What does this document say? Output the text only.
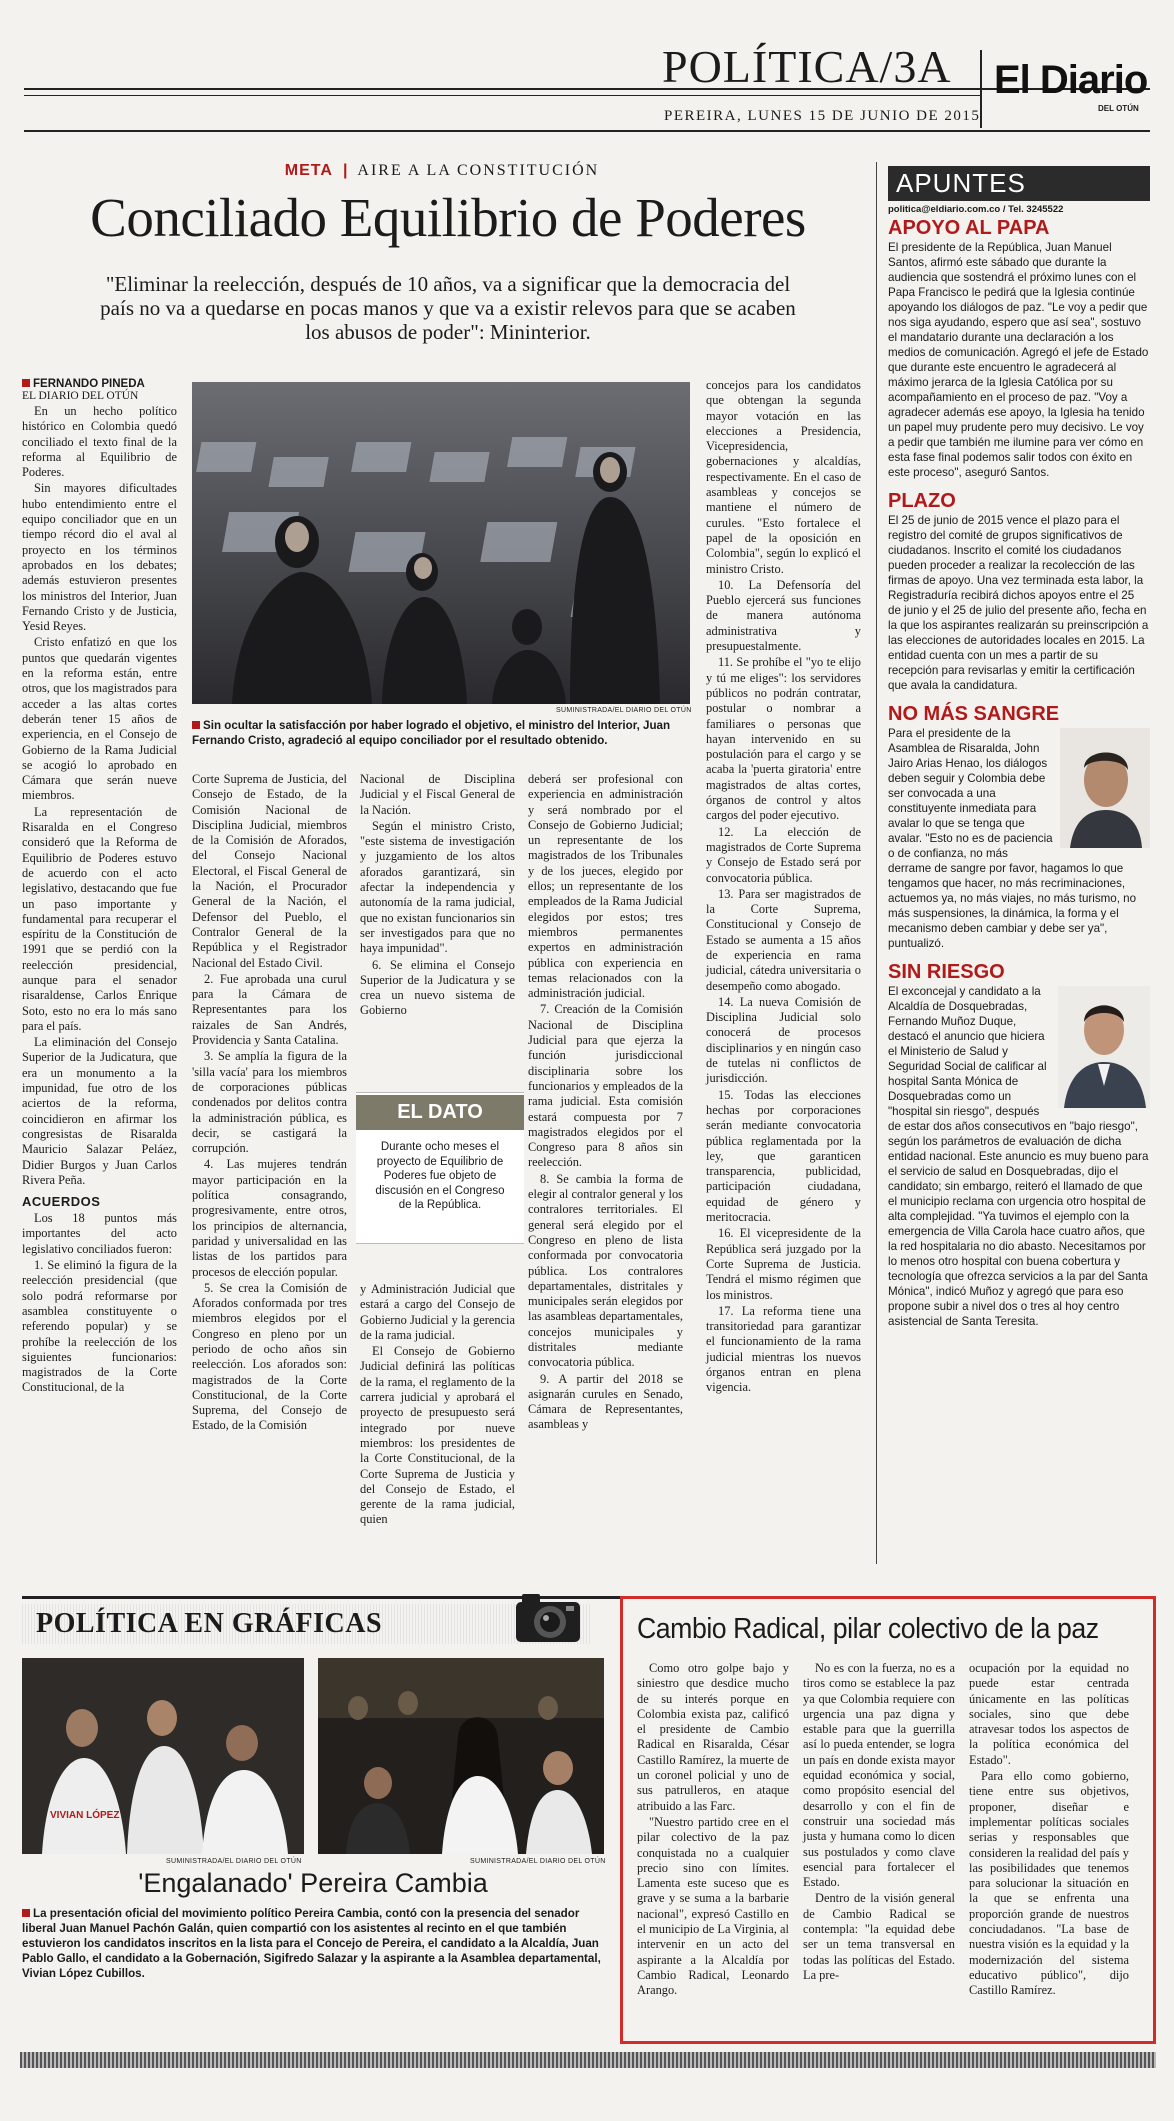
POLÍTICA/3A	El Diario
DEL OTÚN
PEREIRA, LUNES 15 DE JUNIO DE 2015
META | AIRE A LA CONSTITUCIÓN
Conciliado Equilibrio de Poderes
"Eliminar la reelección, después de 10 años, va a significar que la democracia del país no va a quedarse en pocas manos y que va a existir relevos para que se acaben los abusos de poder": Mininterior.
FERNANDO PINEDA
EL DIARIO DEL OTÚN

En un hecho político histórico en Colombia quedó conciliado el texto final de la reforma al Equilibrio de Poderes.

Sin mayores dificultades hubo entendimiento entre el equipo conciliador que en un tiempo récord dio el aval al proyecto en los términos aprobados en los debates; además estuvieron presentes los ministros del Interior, Juan Fernando Cristo y de Justicia, Yesid Reyes.

Cristo enfatizó en que los puntos que quedarán vigentes en la reforma están, entre otros, que los magistrados para acceder a las altas cortes deberán tener 15 años de experiencia, en el Consejo de Gobierno de la Rama Judicial se acogió lo aprobado en Cámara que serán nueve miembros.

La representación de Risaralda en el Congreso consideró que la Reforma de Equilibrio de Poderes estuvo de acuerdo con el acto legislativo, destacando que fue un paso importante y fundamental para recuperar el espíritu de la Constitución de 1991 que se perdió con la reelección presidencial, aunque para el senador risaraldense, Carlos Enrique Soto, esto no era lo más sano para el país.

La eliminación del Consejo Superior de la Judicatura, que era un monumento a la impunidad, fue otro de los aciertos de la reforma, coincidieron en afirmar los congresistas de Risaralda Mauricio Salazar Peláez, Didier Burgos y Juan Carlos Rivera Peña.

ACUERDOS

Los 18 puntos más importantes del acto legislativo conciliados fueron:

1. Se eliminó la figura de la reelección presidencial (que solo podrá reformarse por asamblea constituyente o referendo popular) y se prohíbe la reelección de los siguientes funcionarios: magistrados de la Corte Constitucional, de la

SUMINISTRADA/EL DIARIO DEL OTÚN
Sin ocultar la satisfacción por haber logrado el objetivo, el ministro del Interior, Juan Fernando Cristo, agradeció al equipo conciliador por el resultado obtenido.

Corte Suprema de Justicia, del Consejo de Estado, de la Comisión Nacional de Disciplina Judicial, miembros de la Comisión de Aforados, del Consejo Nacional Electoral, el Fiscal General de la Nación, el Procurador General de la Nación, el Defensor del Pueblo, el Contralor General de la República y el Registrador Nacional del Estado Civil.

2. Fue aprobada una curul para la Cámara de Representantes para los raizales de San Andrés, Providencia y Santa Catalina.

3. Se amplía la figura de la 'silla vacía' para los miembros de corporaciones públicas condenados por delitos contra la administración pública, es decir, se castigará la corrupción.

4. Las mujeres tendrán mayor participación en la política consagrando, progresivamente, entre otros, los principios de alternancia, paridad y universalidad en las listas de los partidos para procesos de elección popular.

5. Se crea la Comisión de Aforados conformada por tres miembros elegidos por el Congreso en pleno por un periodo de ocho años sin reelección. Los aforados son: magistrados de la Corte Constitucional, de la Corte Suprema, del Consejo de Estado, de la Comisión

Nacional de Disciplina Judicial y el Fiscal General de la Nación.

Según el ministro Cristo, "este sistema de investigación y juzgamiento de los altos aforados garantizará, sin afectar la independencia y autonomía de la rama judicial, que no existan funcionarios sin ser investigados para que no haya impunidad".

6. Se elimina el Consejo Superior de la Judicatura y se crea un nuevo sistema de Gobierno

EL DATO
Durante ocho meses el proyecto de Equilibrio de Poderes fue objeto de discusión en el Congreso de la República.

y Administración Judicial que estará a cargo del Consejo de Gobierno Judicial y la gerencia de la rama judicial.

El Consejo de Gobierno Judicial definirá las políticas de la rama, el reglamento de la carrera judicial y aprobará el proyecto de presupuesto será integrado por nueve miembros: los presidentes de la Corte Constitucional, de la Corte Suprema de Justicia y del Consejo de Estado, el gerente de la rama judicial, quien

deberá ser profesional con experiencia en administración y será nombrado por el Consejo de Gobierno Judicial; un representante de los magistrados de los Tribunales y de los jueces, elegido por ellos; un representante de los empleados de la Rama Judicial elegidos por estos; tres miembros permanentes expertos en administración pública con experiencia en temas relacionados con la administración judicial.

7. Creación de la Comisión Nacional de Disciplina Judicial para que ejerza la función jurisdiccional disciplinaria sobre los funcionarios y empleados de la rama judicial. Esta comisión estará compuesta por 7 magistrados elegidos por el Congreso para 8 años sin reelección.

8. Se cambia la forma de elegir al contralor general y los contralores territoriales. El general será elegido por el Congreso en pleno de lista conformada por convocatoria pública. Los contralores departamentales, distritales y municipales serán elegidos por las asambleas departamentales, concejos municipales y distritales mediante convocatoria pública.

9. A partir del 2018 se asignarán curules en Senado, Cámara de Representantes, asambleas y

concejos para los candidatos que obtengan la segunda mayor votación en las elecciones a Presidencia, Vicepresidencia, gobernaciones y alcaldías, respectivamente. En el caso de asambleas y concejos se mantiene el número de curules. "Esto fortalece el papel de la oposición en Colombia", según lo explicó el ministro Cristo.

10. La Defensoría del Pueblo ejercerá sus funciones de manera autónoma administrativa y presupuestalmente.

11. Se prohíbe el "yo te elijo y tú me eliges": los servidores públicos no podrán contratar, postular o nombrar a familiares o personas que hayan intervenido en su postulación para el cargo y se acaba la 'puerta giratoria' entre magistrados de altas cortes, órganos de control y altos cargos del poder ejecutivo.

12. La elección de magistrados de Corte Suprema y Consejo de Estado será por convocatoria pública.

13. Para ser magistrados de la Corte Suprema, Constitucional y Consejo de Estado se aumenta a 15 años de experiencia en rama judicial, cátedra universitaria o desempeño como abogado.

14. La nueva Comisión de Disciplina Judicial solo conocerá de procesos disciplinarios y en ningún caso de tutelas ni conflictos de jurisdicción.

15. Todas las elecciones hechas por corporaciones serán mediante convocatoria pública reglamentada por la ley, que garanticen transparencia, publicidad, participación ciudadana, equidad de género y meritocracia.

16. El vicepresidente de la República será juzgado por la Corte Suprema de Justicia. Tendrá el mismo régimen que los ministros.

17. La reforma tiene una transitoriedad para garantizar el funcionamiento de la rama judicial mientras los nuevos órganos entran en plena vigencia.

APUNTES
politica@eldiario.com.co / Tel. 3245522
APOYO AL PAPA

El presidente de la República, Juan Manuel Santos, afirmó este sábado que durante la audiencia que sostendrá el próximo lunes con el Papa Francisco le pedirá que la Iglesia continúe apoyando los diálogos de paz. "Le voy a pedir que nos siga ayudando, espero que así sea", sostuvo el mandatario durante una declaración a los medios de comunicación. Agregó el jefe de Estado que durante este encuentro le agradecerá al máximo jerarca de la Iglesia Católica por su acompañamiento en el proceso de paz. "Voy a agradecer además ese apoyo, la Iglesia ha tenido un papel muy prudente pero muy decisivo. Le voy a pedir que también me ilumine para ver cómo en esta fase final podemos salir todos con éxito en este proceso", aseguró Santos.

PLAZO

El 25 de junio de 2015 vence el plazo para el registro del comité de grupos significativos de ciudadanos. Inscrito el comité los ciudadanos pueden proceder a realizar la recolección de las firmas de apoyo. Una vez terminada esta labor, la Registraduría recibirá dichos apoyos entre el 25 de junio y el 25 de julio del presente año, fecha en la que los aspirantes realizarán su preinscripción a las elecciones de autoridades locales en 2015. La entidad cuenta con un mes a partir de su recepción para revisarlas y emitir la certificación que avala la candidatura.

NO MÁS SANGRE

Para el presidente de la Asamblea de Risaralda, John Jairo Arias Henao, los diálogos deben seguir y Colombia debe ser convocada a una constituyente inmediata para avalar lo que se tenga que avalar. "Esto no es de paciencia o de confianza, no más derrame de sangre por favor, hagamos lo que tengamos que hacer, no más recriminaciones, actuemos ya, no más viajes, no más turismo, no más suspensiones, la dinámica, la forma y el mecanismo deben cambiar y debe ser ya", puntualizó.

SIN RIESGO

El exconcejal y candidato a la Alcaldía de Dosquebradas, Fernando Muñoz Duque, destacó el anuncio que hiciera el Ministerio de Salud y Seguridad Social de calificar al hospital Santa Mónica de Dosquebradas como un "hospital sin riesgo", después de estar dos años consecutivos en "bajo riesgo", según los parámetros de evaluación de dicha entidad nacional. Este anuncio es muy bueno para el servicio de salud en Dosquebradas, dijo el candidato; sin embargo, reiteró el llamado de que el municipio reclama con urgencia otro hospital de alta complejidad. "Ya tuvimos el ejemplo con la emergencia de Villa Carola hace cuatro años, que la red hospitalaria no dio abasto. Necesitamos por lo menos otro hospital con buena cobertura y tecnología que ofrezca servicios a la par del Santa Mónica", indicó Muñoz y agregó que para eso propone subir a nivel dos o tres al hoy centro asistencial de Santa Teresita.

POLÍTICA EN GRÁFICAS
VIVIAN LÓPEZ
SUMINISTRADA/EL DIARIO DEL OTÚN	SUMINISTRADA/EL DIARIO DEL OTÚN
'Engalanado' Pereira Cambia
La presentación oficial del movimiento político Pereira Cambia, contó con la presencia del senador liberal Juan Manuel Pachón Galán, quien compartió con los asistentes al recinto en el que también estuvieron los candidatos inscritos en la lista para el Concejo de Pereira, el candidato a la Alcaldía, Juan Pablo Gallo, el candidato a la Gobernación, Sigifredo Salazar y la aspirante a la Asamblea departamental, Vivian López Cubillos.
Cambio Radical, pilar colectivo de la paz

Como otro golpe bajo y siniestro que desdice mucho de su interés porque en Colombia exista paz, calificó el presidente de Cambio Radical en Risaralda, César Castillo Ramírez, la muerte de un coronel policial y uno de sus patrulleros, en ataque atribuido a las Farc.

"Nuestro partido cree en el pilar colectivo de la paz conquistada no a cualquier precio sino con límites. Lamenta este suceso que es grave y se suma a la barbarie nacional", expresó Castillo en el municipio de La Virginia, al intervenir en un acto del aspirante a la Alcaldía por Cambio Radical, Leonardo Arango.

No es con la fuerza, no es a tiros como se establece la paz ya que Colombia requiere con urgencia una paz digna y estable para que la guerrilla así lo pueda entender, se logra un país en donde exista mayor equidad económica y social, como propósito esencial del desarrollo y con el fin de construir una sociedad más justa y humana como lo dicen sus postulados y como clave esencial para fortalecer el Estado.

Dentro de la visión general de Cambio Radical se contempla: "la equidad debe ser un tema transversal en todas las políticas del Estado. La pre-

ocupación por la equidad no puede estar centrada únicamente en las políticas sociales, sino que debe atravesar todos los aspectos de la política económica del Estado".

Para ello como gobierno, tiene entre sus objetivos, proponer, diseñar e implementar políticas sociales serias y responsables que consideren la realidad del país y las posibilidades que tenemos para solucionar la situación en la que se enfrenta una proporción grande de nuestros conciudadanos. "La base de nuestra visión es la equidad y la modernización del sistema educativo público", dijo Castillo Ramírez.
